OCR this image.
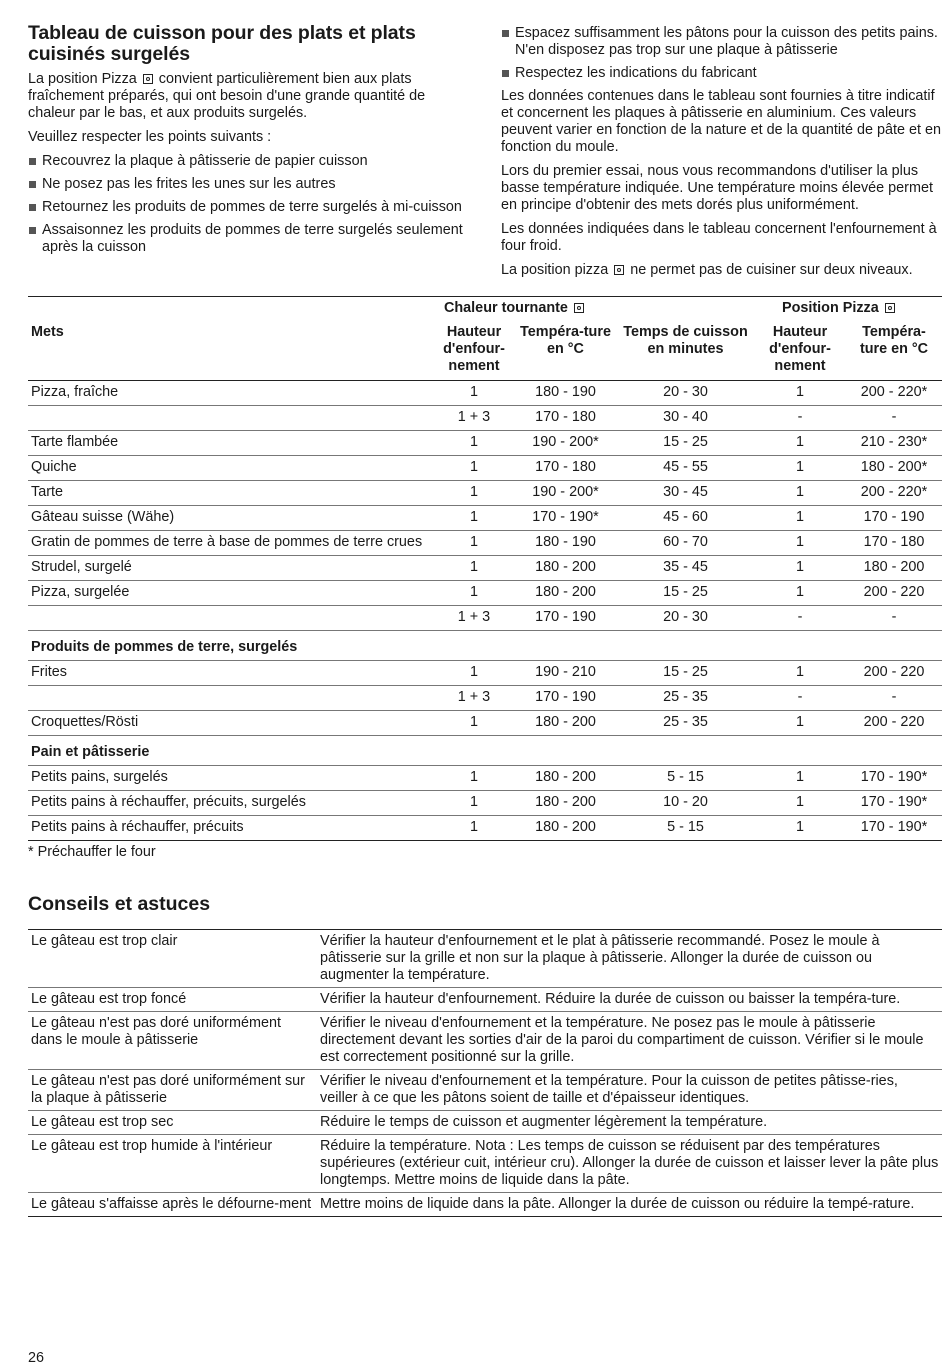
Tableau de cuisson pour des plats et plats cuisinés surgelés

La position Pizza convient particulièrement bien aux plats fraîchement préparés, qui ont besoin d'une grande quantité de chaleur par le bas, et aux produits surgelés.

Veuillez respecter les points suivants :

Recouvrez la plaque à pâtisserie de papier cuisson
Ne posez pas les frites les unes sur les autres
Retournez les produits de pommes de terre surgelés à mi-cuisson
Assaisonnez les produits de pommes de terre surgelés seulement après la cuisson
Espacez suffisamment les pâtons pour la cuisson des petits pains. N'en disposez pas trop sur une plaque à pâtisserie
Respectez les indications du fabricant

Les données contenues dans le tableau sont fournies à titre indicatif et concernent les plaques à pâtisserie en aluminium. Ces valeurs peuvent varier en fonction de la nature et de la quantité de pâte et en fonction du moule.

Lors du premier essai, nous vous recommandons d'utiliser la plus basse température indiquée. Une température moins élevée permet en principe d'obtenir des mets dorés plus uniformément.

Les données indiquées dans le tableau concernent l'enfournement à four froid.

La position pizza ne permet pas de cuisiner sur deux niveaux.

	Chaleur tournante			Position Pizza	
Mets	Hauteur d'enfour-nement	Tempéra-ture en °C	Temps de cuisson en minutes	Hauteur d'enfour-nement	Tempéra-ture en °C
Pizza, fraîche	1	180 - 190	20 - 30	1	200 - 220*
	1 + 3	170 - 180	30 - 40	-	-
Tarte flambée	1	190 - 200*	15 - 25	1	210 - 230*
Quiche	1	170 - 180	45 - 55	1	180 - 200*
Tarte	1	190 - 200*	30 - 45	1	200 - 220*
Gâteau suisse (Wähe)	1	170 - 190*	45 - 60	1	170 - 190
Gratin de pommes de terre à base de pommes de terre crues	1	180 - 190	60 - 70	1	170 - 180
Strudel, surgelé	1	180 - 200	35 - 45	1	180 - 200
Pizza, surgelée	1	180 - 200	15 - 25	1	200 - 220
	1 + 3	170 - 190	20 - 30	-	-
Produits de pommes de terre, surgelés					
Frites	1	190 - 210	15 - 25	1	200 - 220
	1 + 3	170 - 190	25 - 35	-	-
Croquettes/Rösti	1	180 - 200	25 - 35	1	200 - 220
Pain et pâtisserie					
Petits pains, surgelés	1	180 - 200	5 - 15	1	170 - 190*
Petits pains à réchauffer, précuits, surgelés	1	180 - 200	10 - 20	1	170 - 190*
Petits pains à réchauffer, précuits	1	180 - 200	5 - 15	1	170 - 190*
* Préchauffer le four
Conseils et astuces
Le gâteau est trop clair	Vérifier la hauteur d'enfournement et le plat à pâtisserie recommandé. Posez le moule à pâtisserie sur la grille et non sur la plaque à pâtisserie. Allonger la durée de cuisson ou augmenter la température.
Le gâteau est trop foncé	Vérifier la hauteur d'enfournement. Réduire la durée de cuisson ou baisser la tempéra-ture.
Le gâteau n'est pas doré uniformément dans le moule à pâtisserie	Vérifier le niveau d'enfournement et la température. Ne posez pas le moule à pâtisserie directement devant les sorties d'air de la paroi du compartiment de cuisson. Vérifier si le moule est correctement positionné sur la grille.
Le gâteau n'est pas doré uniformément sur la plaque à pâtisserie	Vérifier le niveau d'enfournement et la température. Pour la cuisson de petites pâtisse-ries, veiller à ce que les pâtons soient de taille et d'épaisseur identiques.
Le gâteau est trop sec	Réduire le temps de cuisson et augmenter légèrement la température.
Le gâteau est trop humide à l'intérieur	Réduire la température. Nota : Les temps de cuisson se réduisent par des températures supérieures (extérieur cuit, intérieur cru). Allonger la durée de cuisson et laisser lever la pâte plus longtemps. Mettre moins de liquide dans la pâte.
Le gâteau s'affaisse après le défourne-ment	Mettre moins de liquide dans la pâte. Allonger la durée de cuisson ou réduire la tempé-rature.
26
